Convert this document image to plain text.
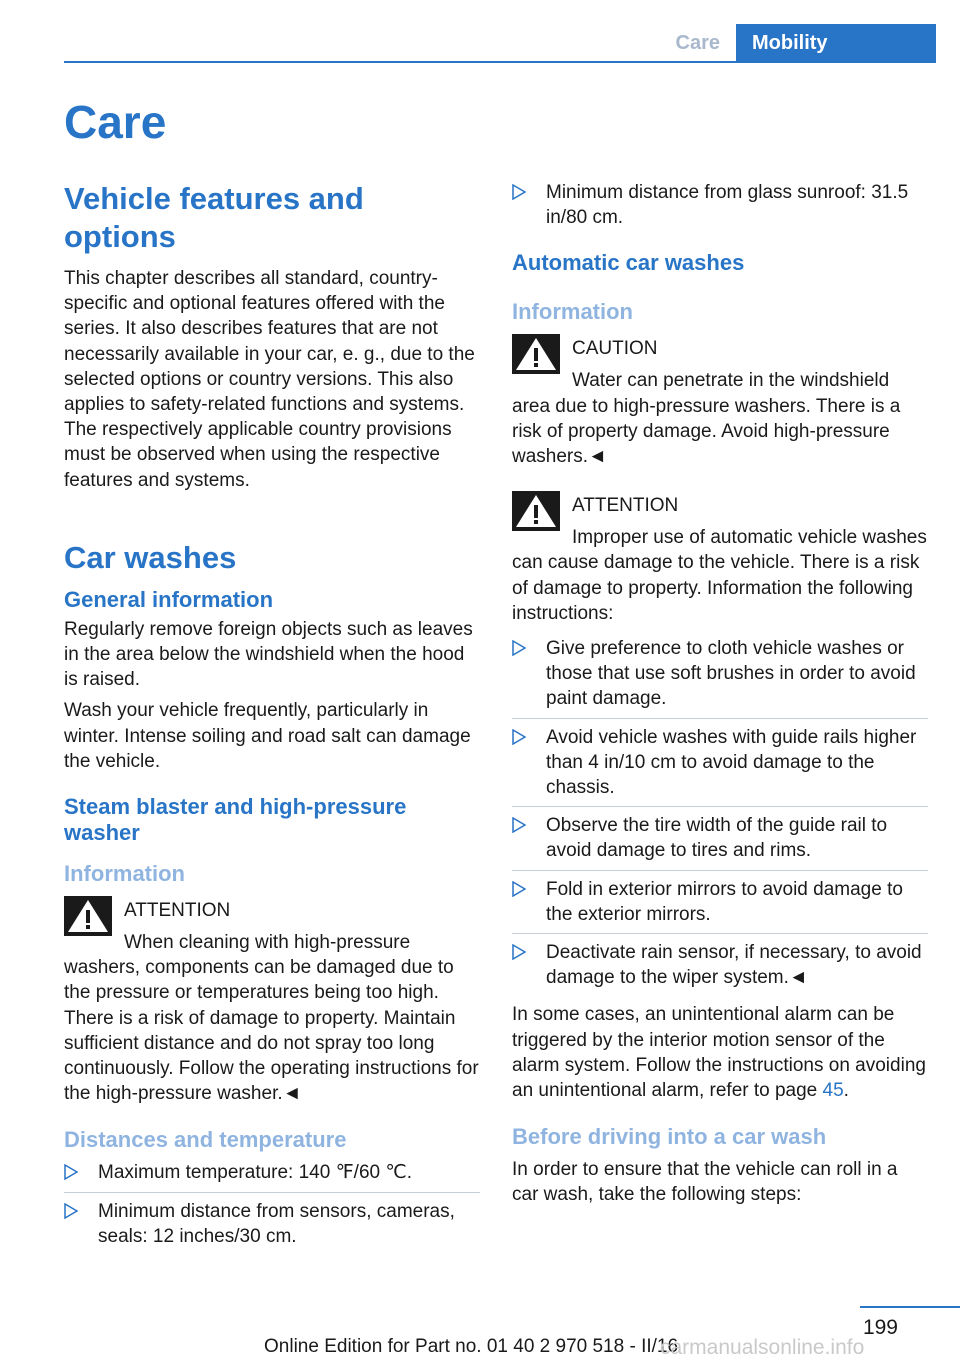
Care	Mobility
Care
Vehicle features and options

This chapter describes all standard, country-specific and optional features offered with the series. It also describes features that are not necessarily available in your car, e. g., due to the selected options or country versions. This also applies to safety-related functions and systems. The respectively applicable country provisions must be observed when using the respective features and systems.

Car washes
General information

Regularly remove foreign objects such as leaves in the area below the windshield when the hood is raised.

Wash your vehicle frequently, particularly in winter. Intense soiling and road salt can damage the vehicle.

Steam blaster and high-pressure washer
Information
ATTENTION

When cleaning with high-pressure washers, components can be damaged due to the pressure or temperatures being too high. There is a risk of damage to property. Maintain sufficient distance and do not spray too long continuously. Follow the operating instructions for the high-pressure washer.◄

Distances and temperature
Maximum temperature: 140 ℉/60 ℃.
Minimum distance from sensors, cameras, seals: 12 inches/30 cm.
Minimum distance from glass sunroof: 31.5 in/80 cm.
Automatic car washes
Information
CAUTION

Water can penetrate in the windshield area due to high-pressure washers. There is a risk of property damage. Avoid high-pressure washers.◄

ATTENTION

Improper use of automatic vehicle washes can cause damage to the vehicle. There is a risk of damage to property. Information the following instructions:

Give preference to cloth vehicle washes or those that use soft brushes in order to avoid paint damage.
Avoid vehicle washes with guide rails higher than 4 in/10 cm to avoid damage to the chassis.
Observe the tire width of the guide rail to avoid damage to tires and rims.
Fold in exterior mirrors to avoid damage to the exterior mirrors.
Deactivate rain sensor, if necessary, to avoid damage to the wiper system.◄

In some cases, an unintentional alarm can be triggered by the interior motion sensor of the alarm system. Follow the instructions on avoiding an unintentional alarm, refer to page 45.

Before driving into a car wash

In order to ensure that the vehicle can roll in a car wash, take the following steps:

199
Online Edition for Part no. 01 40 2 970 518 - II/16
carmanualsonline.info
